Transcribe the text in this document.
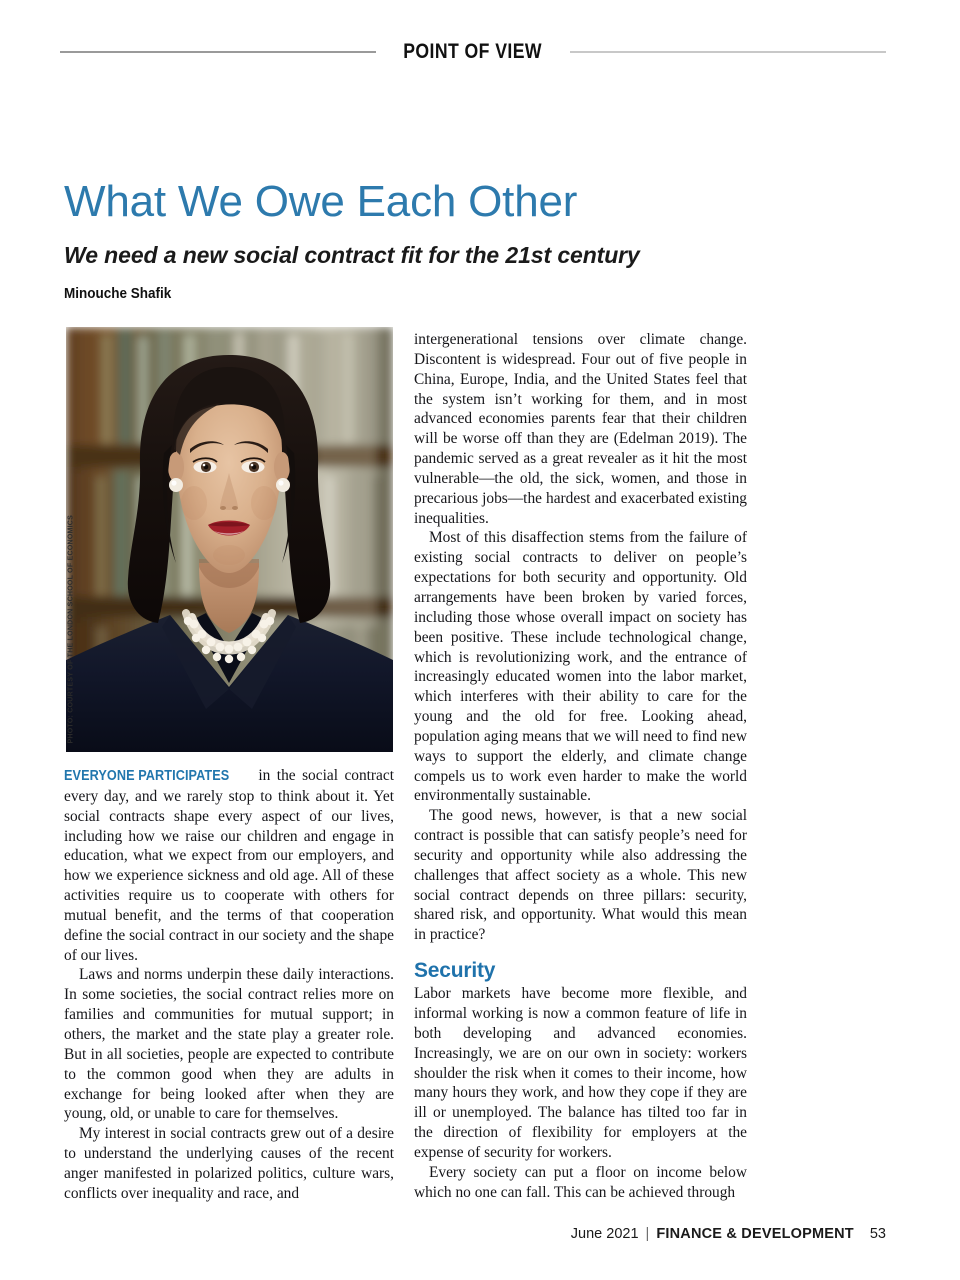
POINT OF VIEW
What We Owe Each Other
We need a new social contract fit for the 21st century
Minouche Shafik
PHOTO: COURTESY OF THE LONDON SCHOOL OF ECONOMICS

EVERYONE PARTICIPATES in the social contract every day, and we rarely stop to think about it. Yet social contracts shape every aspect of our lives, including how we raise our children and engage in education, what we expect from our employers, and how we experience sickness and old age. All of these activities require us to cooperate with others for mutual benefit, and the terms of that cooperation define the social contract in our society and the shape of our lives.

Laws and norms underpin these daily interactions. In some societies, the social contract relies more on families and communities for mutual support; in others, the market and the state play a greater role. But in all societies, people are expected to contribute to the common good when they are adults in exchange for being looked after when they are young, old, or unable to care for themselves.

My interest in social contracts grew out of a desire to understand the underlying causes of the recent anger manifested in polarized politics, culture wars, conflicts over inequality and race, and

intergenerational tensions over climate change. Discontent is widespread. Four out of five people in China, Europe, India, and the United States feel that the system isn’t working for them, and in most advanced economies parents fear that their children will be worse off than they are (Edelman 2019). The pandemic served as a great revealer as it hit the most vulnerable—the old, the sick, women, and those in precarious jobs—the hardest and exacerbated existing inequalities.

Most of this disaffection stems from the failure of existing social contracts to deliver on people’s expectations for both security and opportunity. Old arrangements have been broken by varied forces, including those whose overall impact on society has been positive. These include technological change, which is revolutionizing work, and the entrance of increasingly educated women into the labor market, which interferes with their ability to care for the young and the old for free. Looking ahead, population aging means that we will need to find new ways to support the elderly, and climate change compels us to work even harder to make the world environmentally sustainable.

The good news, however, is that a new social contract is possible that can satisfy people’s need for security and opportunity while also addressing the challenges that affect society as a whole. This new social contract depends on three pillars: security, shared risk, and opportunity. What would this mean in practice?

Security

Labor markets have become more flexible, and informal working is now a common feature of life in both developing and advanced economies. Increasingly, we are on our own in society: workers shoulder the risk when it comes to their income, how many hours they work, and how they cope if they are ill or unemployed. The balance has tilted too far in the direction of flexibility for employers at the expense of security for workers.

Every society can put a floor on income below which no one can fall. This can be achieved through

June 2021 | FINANCE & DEVELOPMENT 53
